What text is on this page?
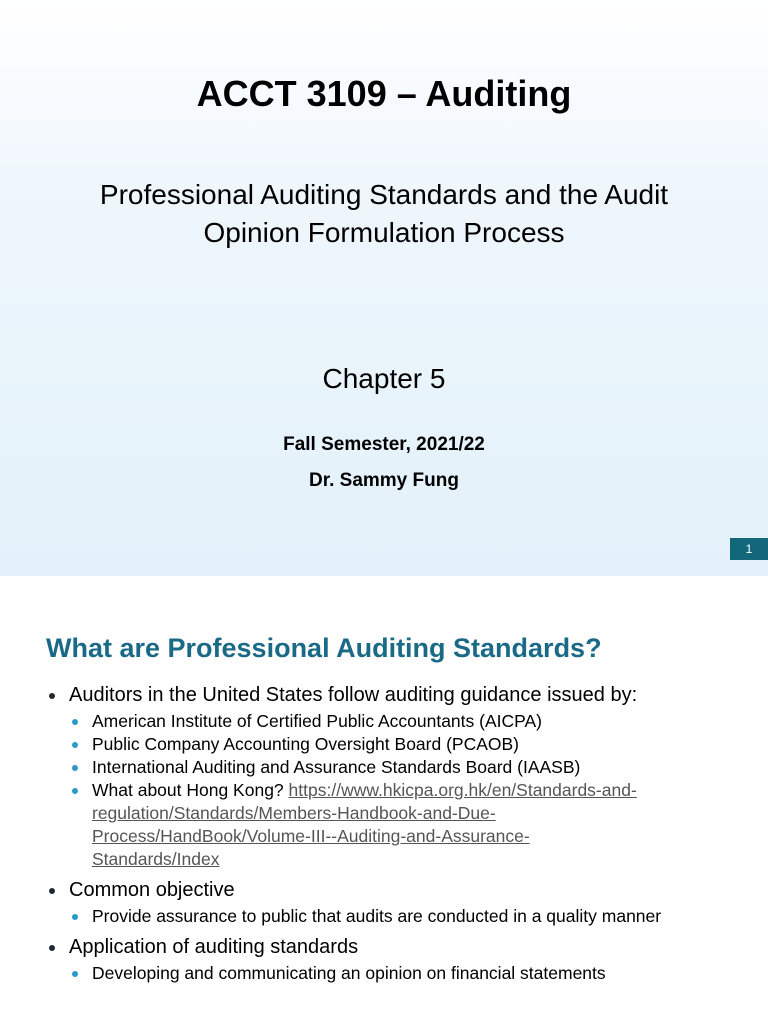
ACCT 3109 – Auditing
Professional Auditing Standards and the Audit
Opinion Formulation Process
Chapter 5
Fall Semester, 2021/22
Dr. Sammy Fung
1
What are Professional Auditing Standards?
Auditors in the United States follow auditing guidance issued by:
American Institute of Certified Public Accountants (AICPA)
Public Company Accounting Oversight Board (PCAOB)
International Auditing and Assurance Standards Board (IAASB)
What about Hong Kong? https://www.hkicpa.org.hk/en/Standards-and-
regulation/Standards/Members-Handbook-and-Due-
Process/HandBook/Volume-III--Auditing-and-Assurance-
Standards/Index
Common objective
Provide assurance to public that audits are conducted in a quality manner
Application of auditing standards
Developing and communicating an opinion on financial statements
